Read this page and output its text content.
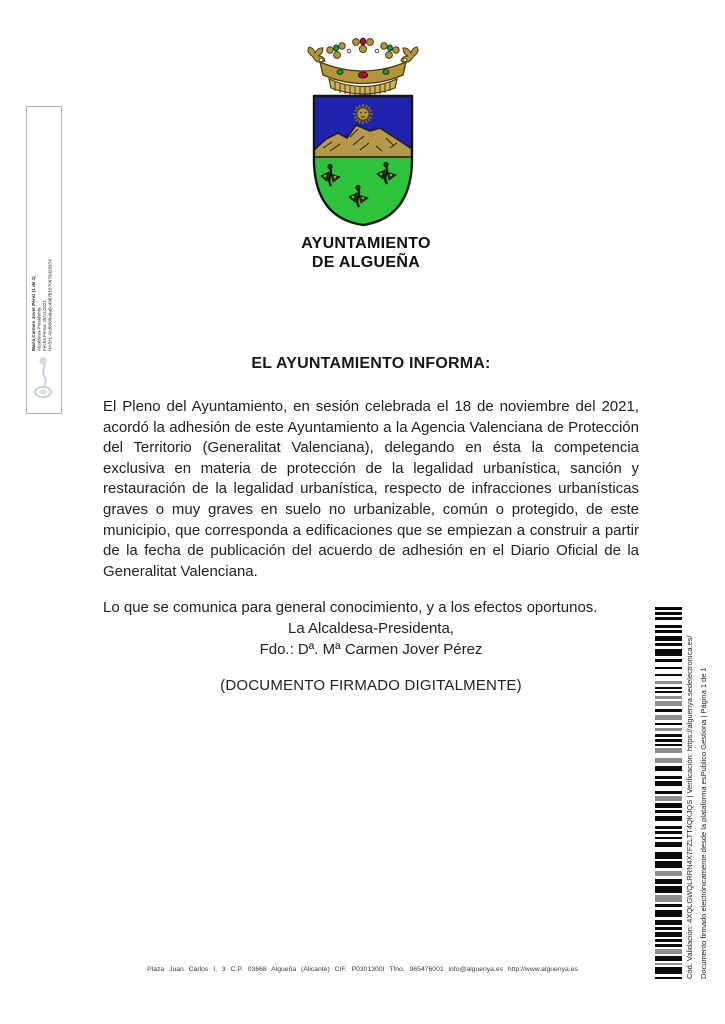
AYUNTAMIENTO
DE ALGUEÑA
EL AYUNTAMIENTO INFORMA:

El Pleno del Ayuntamiento, en sesión celebrada el 18 de noviembre del 2021, acordó la adhesión de este Ayuntamiento a la Agencia Valenciana de Protección del Territorio (Generalitat Valenciana), delegando en ésta la competencia exclusiva en materia de protección de la legalidad urbanística, sanción y restauración de la legalidad urbanística, respecto de infracciones urbanísticas graves o muy graves en suelo no urbanizable, común o protegido, de este municipio, que corresponda a edificaciones que se empiezan a construir a partir de la fecha de publicación del acuerdo de adhesión en el Diario Oficial de la Generalitat Valenciana.

Lo que se comunica para general conocimiento, y a los efectos oportunos.

La Alcaldesa-Presidenta,
Fdo.: Dª. Mª Carmen Jover Pérez
(DOCUMENTO FIRMADO DIGITALMENTE)
María Carmen Jover Pérez (1 de 1) Alcaldesa-Presidenta Fecha Firma: 25/11/2021 HASH: 42d6888a9a5c4987b1670670d26974
Cód. Validación: 4XQLGWQLRRN4X7FZLTT4QKJQS | Verificación: https://alguenya.sedelectronica.es/ Documento firmado electrónicamente desde la plataforma esPublico Gestiona | Página 1 de 1
Plaza Juan Carlos I, 3 C.P. 03668 Algueña (Alicante) CIF. P0301300I Tfno. 965476001 info@alguenya.es http://www.alguenya.es
